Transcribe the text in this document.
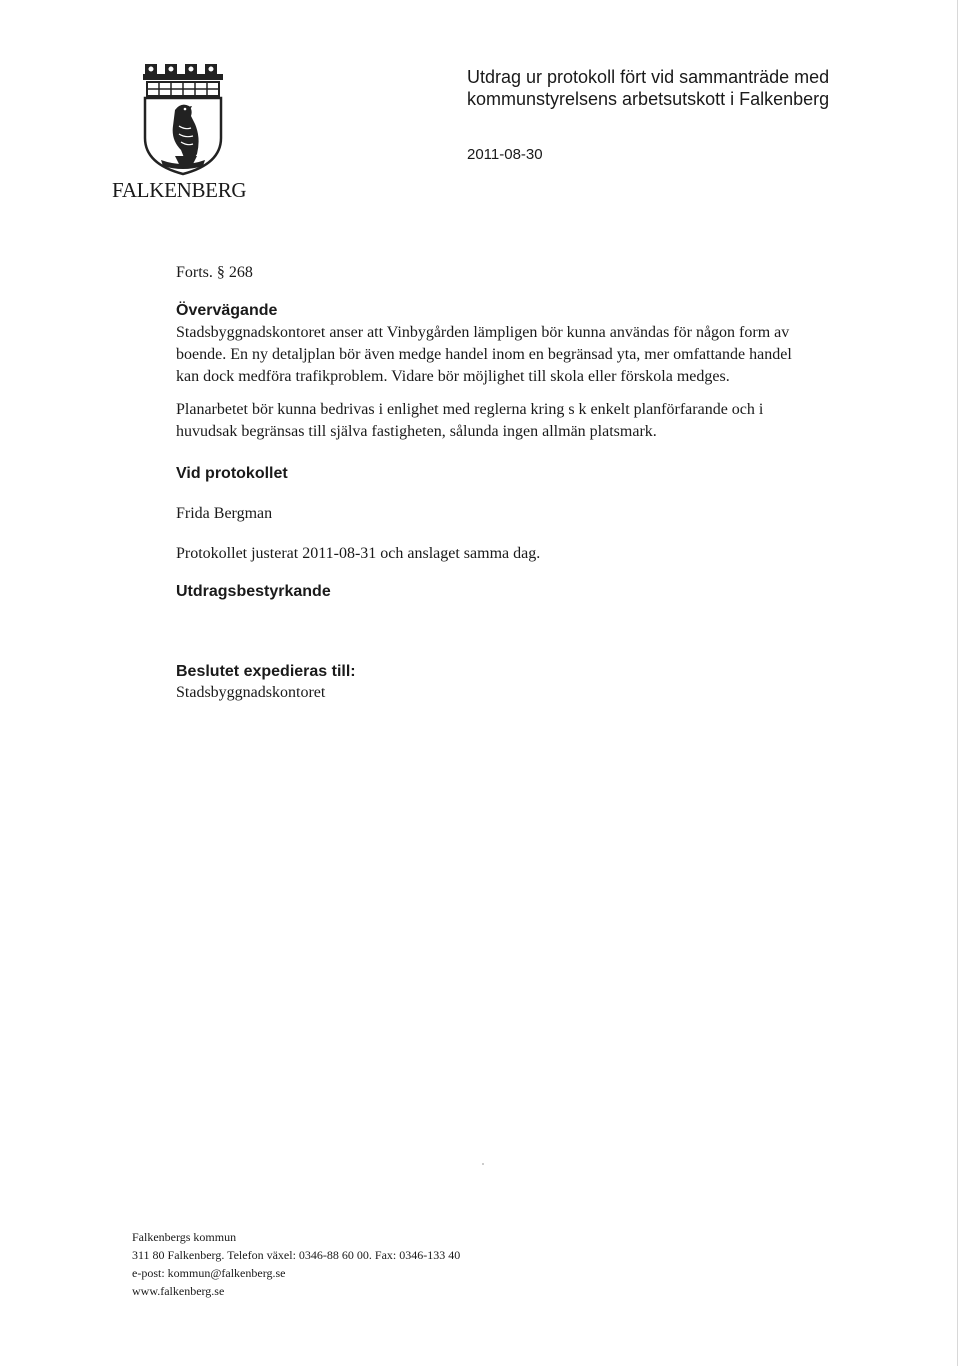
FALKENBERG
Utdrag ur protokoll fört vid sammanträde med
kommunstyrelsens arbetsutskott i Falkenberg
2011-08-30
Forts. § 268
Övervägande
Stadsbyggnadskontoret anser att Vinbygården lämpligen bör kunna användas för någon form av
boende. En ny detaljplan bör även medge handel inom en begränsad yta, mer omfattande handel
kan dock medföra trafikproblem. Vidare bör möjlighet till skola eller förskola medges.
Planarbetet bör kunna bedrivas i enlighet med reglerna kring s k enkelt planförfarande och i
huvudsak begränsas till själva fastigheten, sålunda ingen allmän platsmark.
Vid protokollet
Frida Bergman
Protokollet justerat 2011-08-31 och anslaget samma dag.
Utdragsbestyrkande
Beslutet expedieras till:
Stadsbyggnadskontoret
Falkenbergs kommun
311 80 Falkenberg. Telefon växel: 0346-88 60 00. Fax: 0346-133 40
e-post: kommun@falkenberg.se
www.falkenberg.se
